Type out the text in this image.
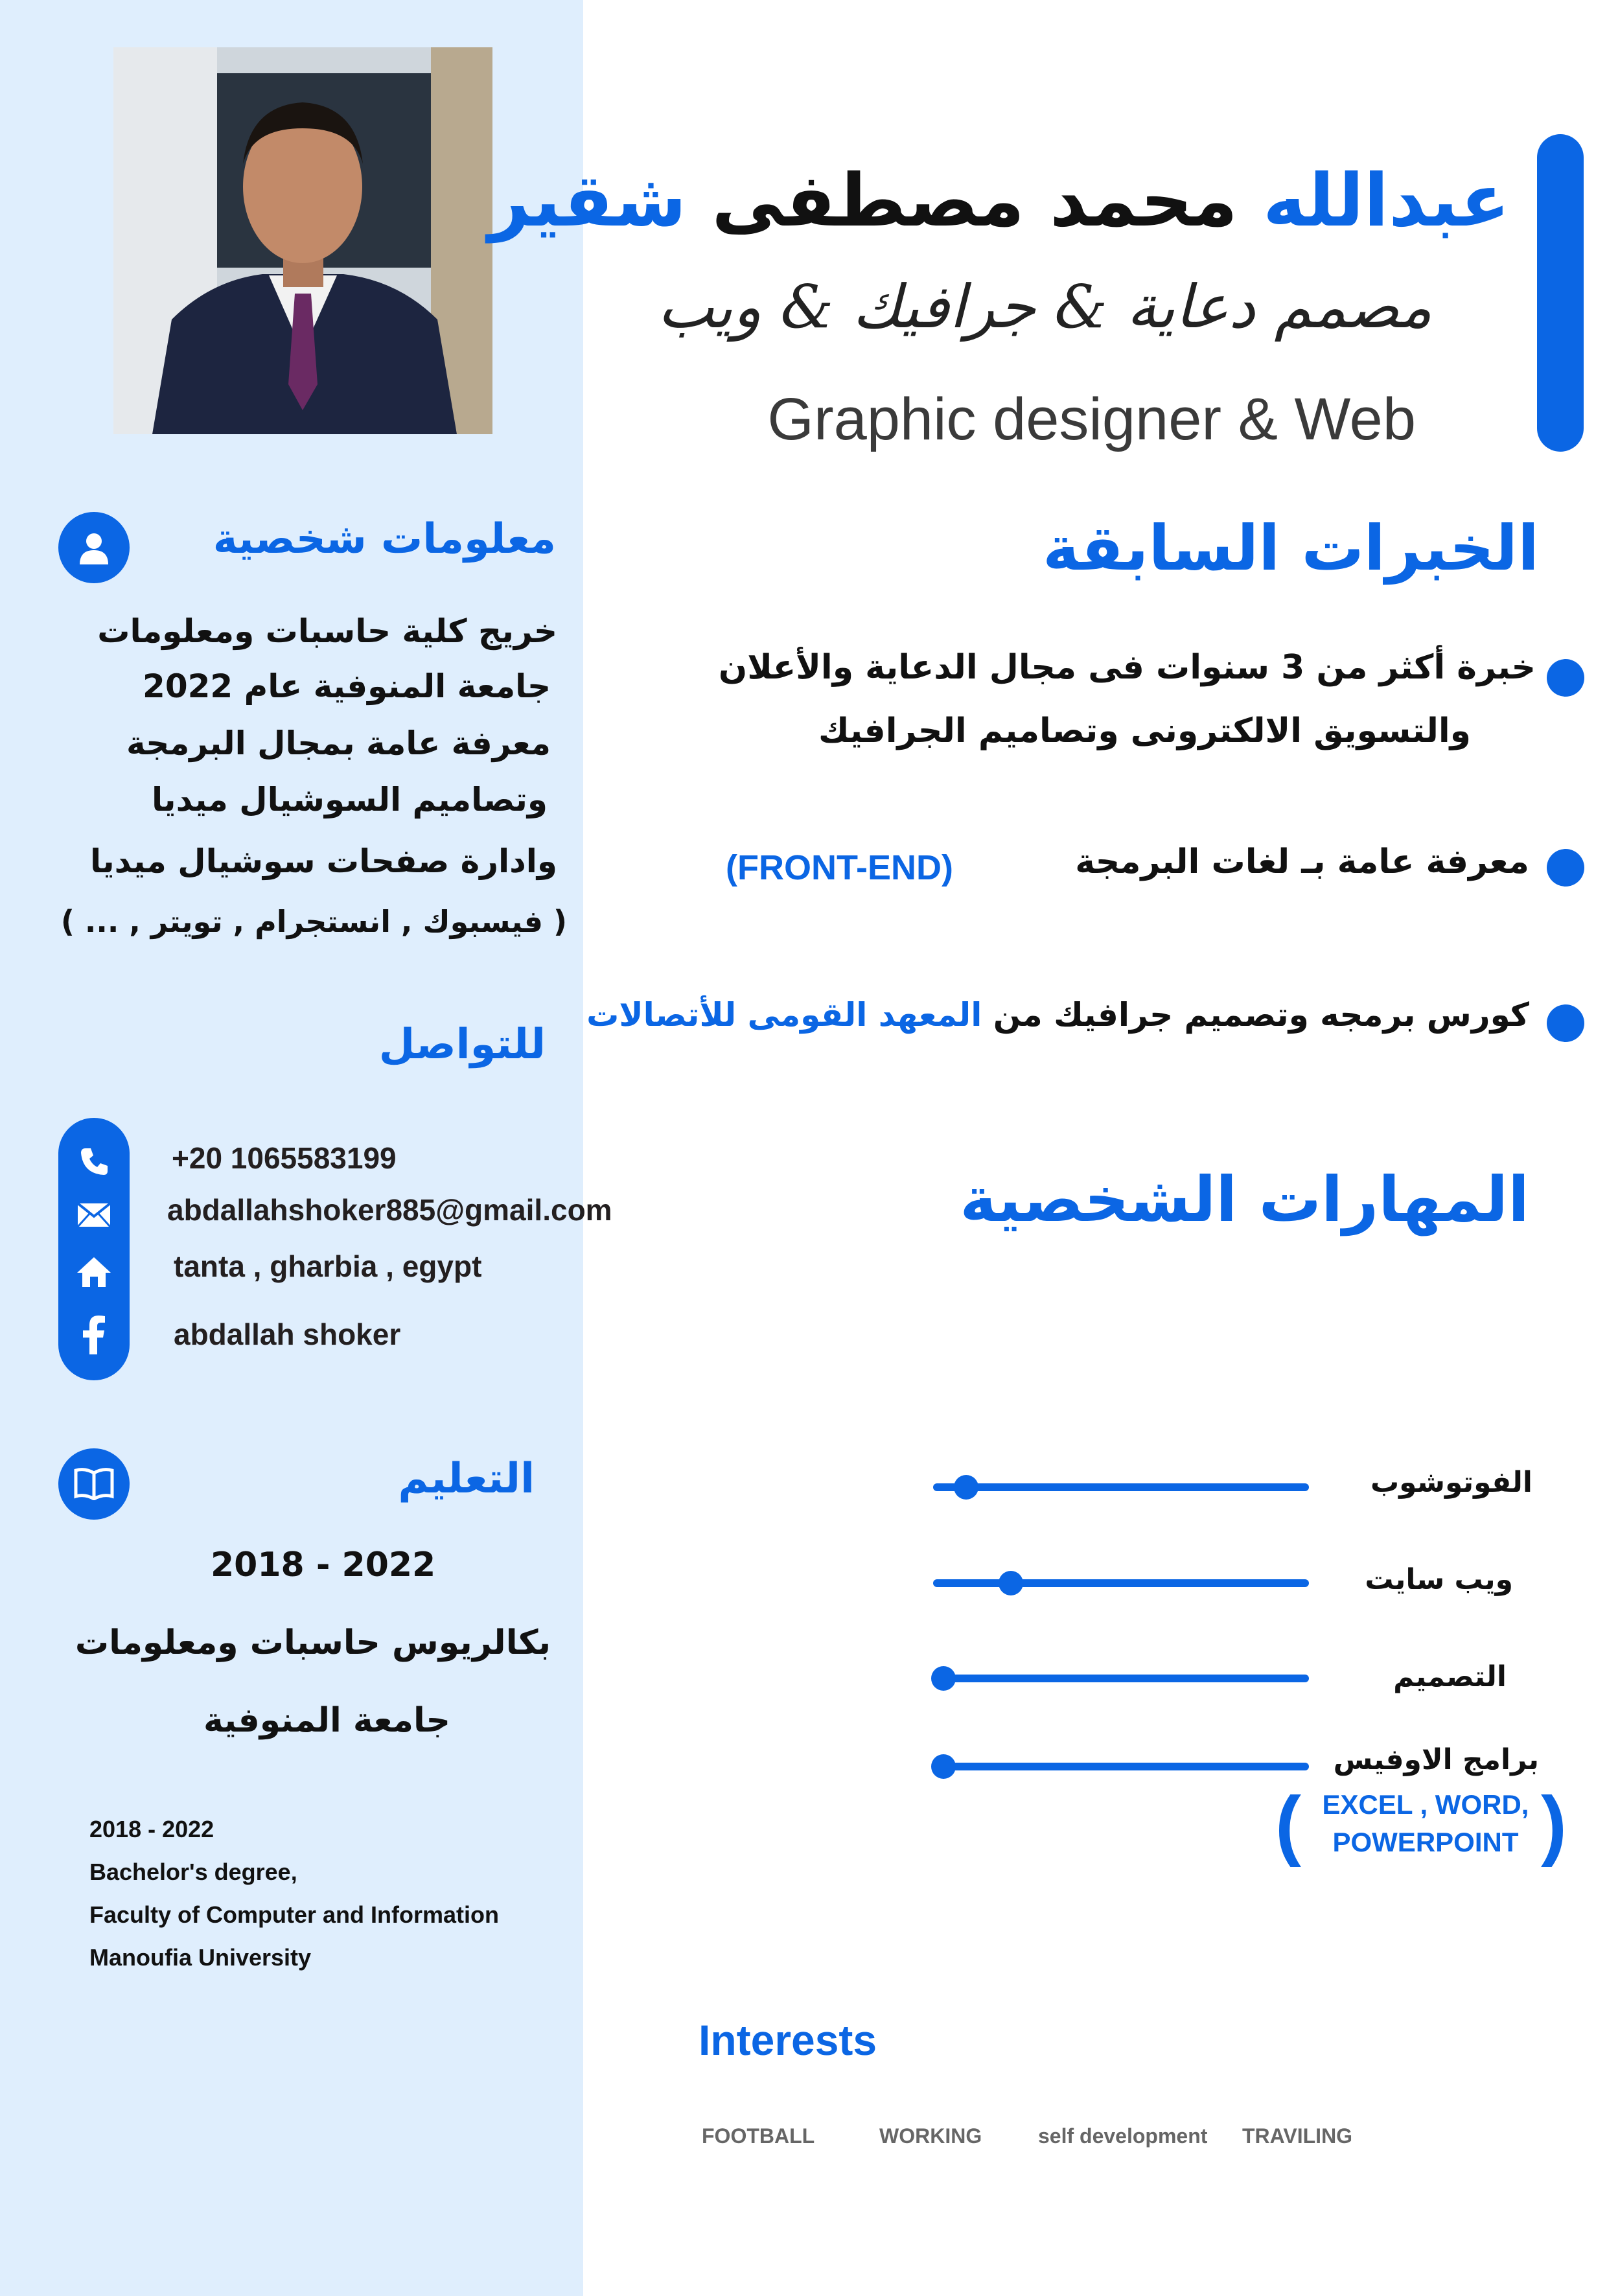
معلومات شخصية
خريج كلية حاسبات ومعلومات
جامعة المنوفية عام 2022
معرفة عامة بمجال البرمجة
وتصاميم السوشيال ميديا
وادارة صفحات سوشيال ميديا
( فيسبوك , انستجرام , تويتر , ... )
للتواصل
+20 1065583199
abdallahshoker885@gmail.com
tanta , gharbia , egypt
abdallah shoker
التعليم
2018 - 2022
بكالريوس حاسبات ومعلومات
جامعة المنوفية
2018 - 2022
Bachelor's degree,
Faculty of Computer and Information
Manoufia University
عبدالله محمد مصطفى شقير
مصمم دعاية & جرافيك & ويب
Graphic designer & Web
الخبرات السابقة
خبرة أكثر من 3 سنوات فى مجال الدعاية والأعلان
والتسويق الالكترونى وتصاميم الجرافيك
معرفة عامة بـ لغات البرمجة
(FRONT-END)
كورس برمجه وتصميم جرافيك من المعهد القومى للأتصالات
المهارات الشخصية
الفوتوشوب
ويب سايت
التصميم
برامج الاوفيس
( EXCEL , WORD,
POWERPOINT )
Interests
FOOTBALL	WORKING	self development TRAVILING
